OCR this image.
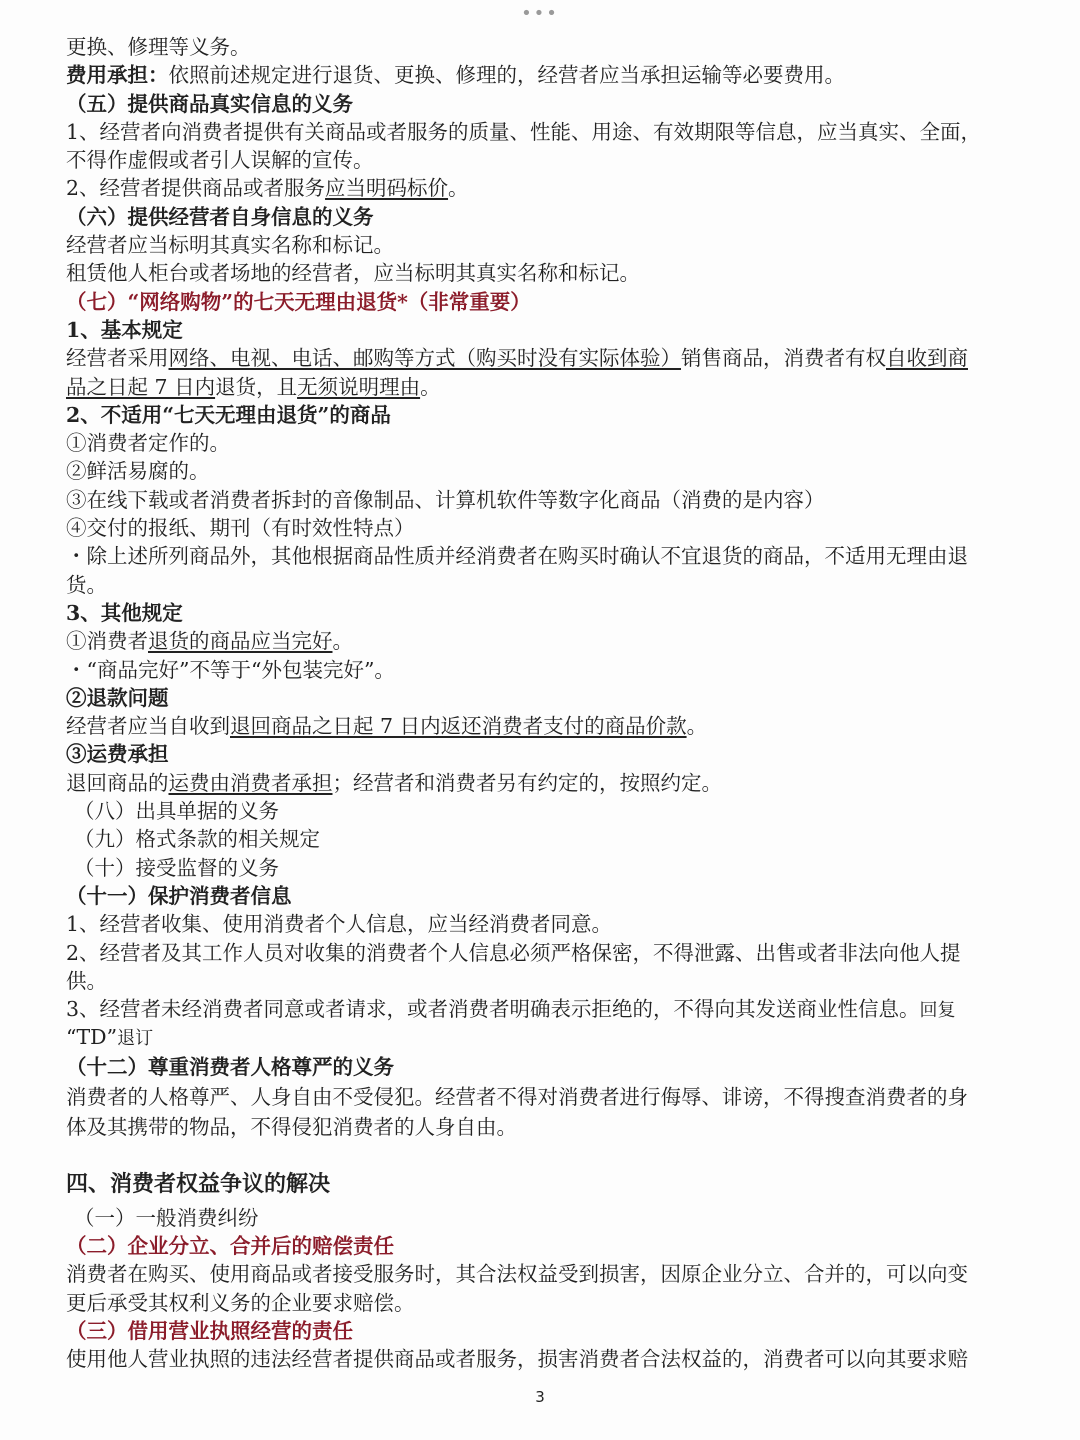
•••
更换、修理等义务。
费用承担：依照前述规定进行退货、更换、修理的，经营者应当承担运输等必要费用。
（五）提供商品真实信息的义务
1、经营者向消费者提供有关商品或者服务的质量、性能、用途、有效期限等信息，应当真实、全面，
不得作虚假或者引人误解的宣传。
2、经营者提供商品或者服务应当明码标价。
（六）提供经营者自身信息的义务
经营者应当标明其真实名称和标记。
租赁他人柜台或者场地的经营者，应当标明其真实名称和标记。
（七）“网络购物”的七天无理由退货*（非常重要）
1、基本规定
经营者采用网络、电视、电话、邮购等方式（购买时没有实际体验）销售商品，消费者有权自收到商
品之日起 7 日内退货，且无须说明理由。
2、不适用“七天无理由退货”的商品
①消费者定作的。
②鲜活易腐的。
③在线下载或者消费者拆封的音像制品、计算机软件等数字化商品（消费的是内容）
④交付的报纸、期刊（有时效性特点）
・除上述所列商品外，其他根据商品性质并经消费者在购买时确认不宜退货的商品，不适用无理由退
货。
3、其他规定
①消费者退货的商品应当完好。
・“商品完好”不等于“外包装完好”。
②退款问题
经营者应当自收到退回商品之日起 7 日内返还消费者支付的商品价款。
③运费承担
退回商品的运费由消费者承担；经营者和消费者另有约定的，按照约定。
（八）出具单据的义务
（九）格式条款的相关规定
（十）接受监督的义务
（十一）保护消费者信息
1、经营者收集、使用消费者个人信息，应当经消费者同意。
2、经营者及其工作人员对收集的消费者个人信息必须严格保密，不得泄露、出售或者非法向他人提
供。
3、经营者未经消费者同意或者请求，或者消费者明确表示拒绝的，不得向其发送商业性信息。回复
“TD”退订
（十二）尊重消费者人格尊严的义务
消费者的人格尊严、人身自由不受侵犯。经营者不得对消费者进行侮辱、诽谤，不得搜查消费者的身
体及其携带的物品，不得侵犯消费者的人身自由。
四、消费者权益争议的解决
（一）一般消费纠纷
（二）企业分立、合并后的赔偿责任
消费者在购买、使用商品或者接受服务时，其合法权益受到损害，因原企业分立、合并的，可以向变
更后承受其权利义务的企业要求赔偿。
（三）借用营业执照经营的责任
使用他人营业执照的违法经营者提供商品或者服务，损害消费者合法权益的，消费者可以向其要求赔
3
